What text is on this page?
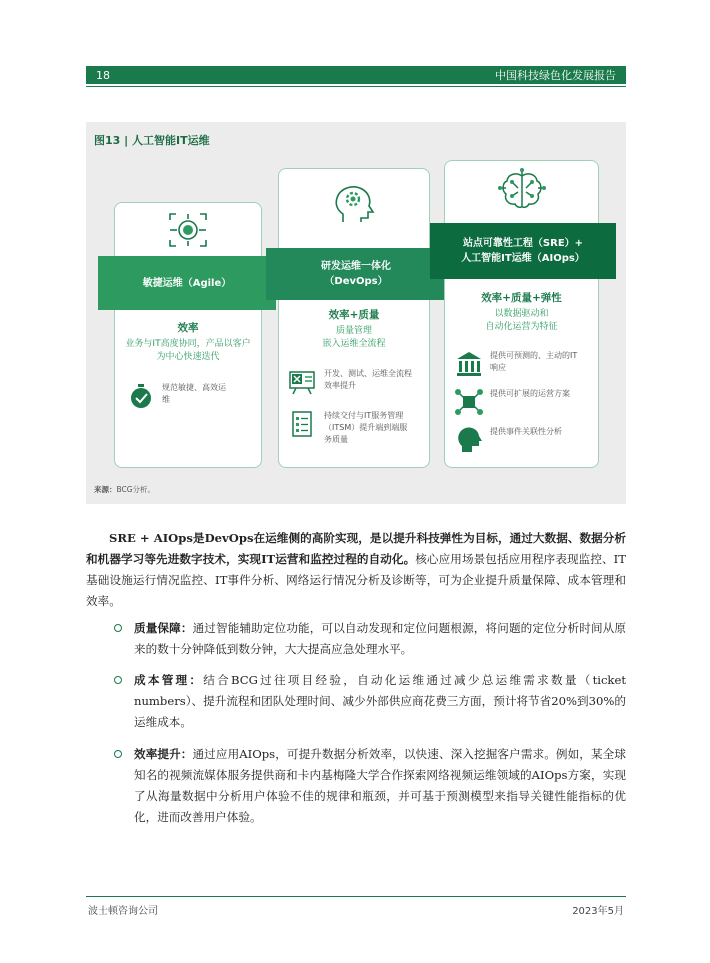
18	中国科技绿色化发展报告
图13 | 人工智能IT运维
敏捷运维（Agile）
效率
业务与IT高度协同，产品以客户为中心快速迭代
规范敏捷、高效运维
研发运维一体化
（DevOps）
效率+质量
质量管理
嵌入运维全流程
开发、测试、运维全流程效率提升
持续交付与IT服务管理（ITSM）提升端到端服务质量
站点可靠性工程（SRE）+
人工智能IT运维（AIOps）
效率+质量+弹性
以数据驱动和
自动化运营为特征
提供可预测的、主动的IT响应
提供可扩展的运营方案
提供事件关联性分析
来源：BCG分析。
SRE + AIOps是DevOps在运维侧的高阶实现，是以提升科技弹性为目标，通过大数据、数据分析和机器学习等先进数字技术，实现IT运营和监控过程的自动化。核心应用场景包括应用程序表现监控、IT基础设施运行情况监控、IT事件分析、网络运行情况分析及诊断等，可为企业提升质量保障、成本管理和效率。
质量保障：通过智能辅助定位功能，可以自动发现和定位问题根源，将问题的定位分析时间从原来的数十分钟降低到数分钟，大大提高应急处理水平。
成本管理：结合BCG过往项目经验，自动化运维通过减少总运维需求数量（ticket numbers）、提升流程和团队处理时间、减少外部供应商花费三方面，预计将节省20%到30%的运维成本。
效率提升：通过应用AIOps，可提升数据分析效率，以快速、深入挖掘客户需求。例如，某全球知名的视频流媒体服务提供商和卡内基梅隆大学合作探索网络视频运维领域的AIOps方案，实现了从海量数据中分析用户体验不佳的规律和瓶颈，并可基于预测模型来指导关键性能指标的优化，进而改善用户体验。
波士顿咨询公司	2023年5月
